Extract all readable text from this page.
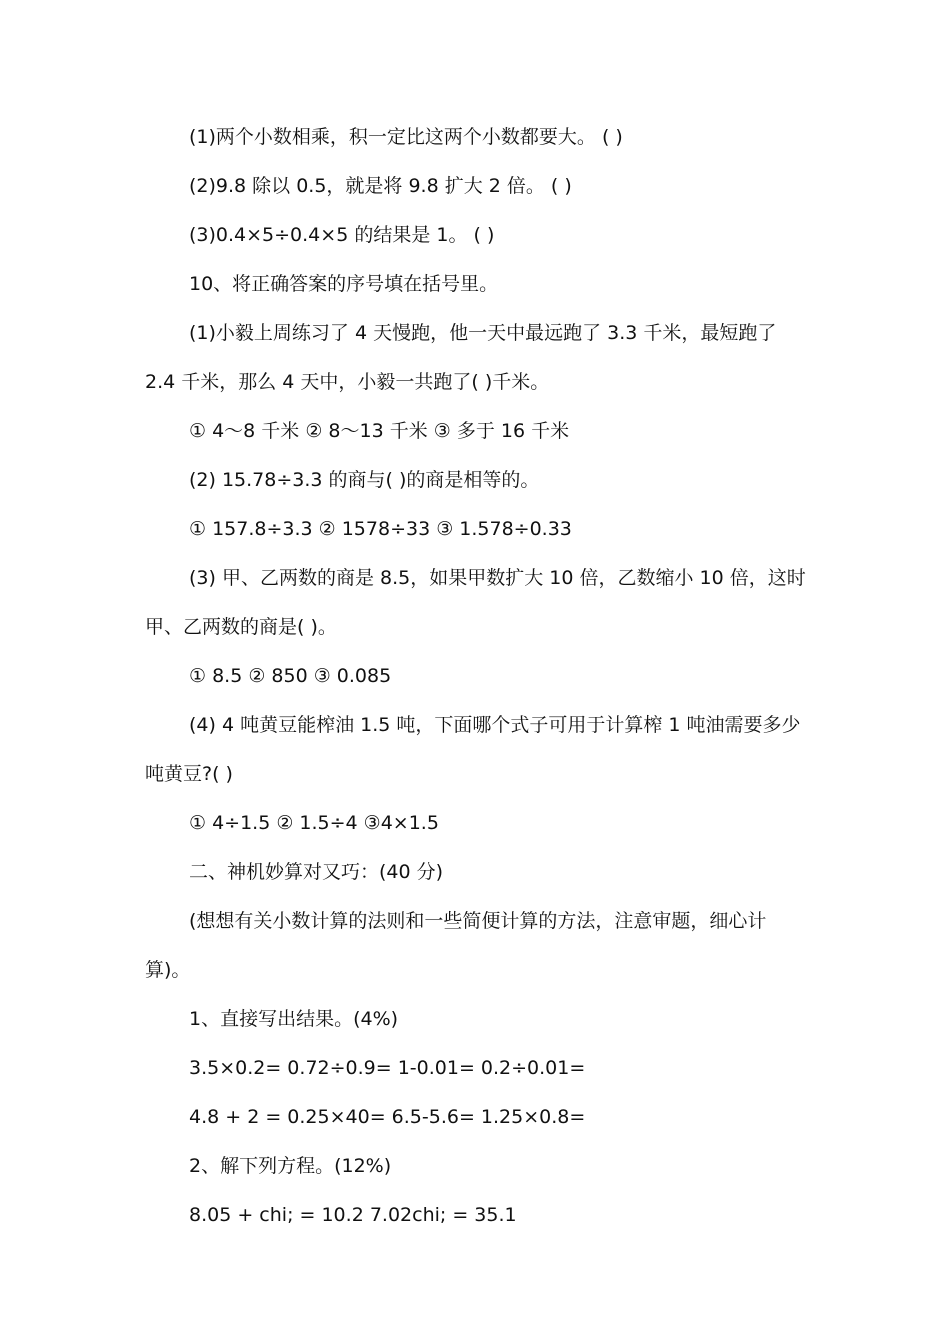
(1)两个小数相乘，积一定比这两个小数都要大。 ( )

(2)9.8 除以 0.5，就是将 9.8 扩大 2 倍。 ( )

(3)0.4×5÷0.4×5 的结果是 1。 ( )

10、将正确答案的序号填在括号里。

(1)小毅上周练习了 4 天慢跑，他一天中最远跑了 3.3 千米，最短跑了 2.4 千米，那么 4 天中，小毅一共跑了( )千米。

① 4～8 千米 ② 8～13 千米 ③ 多于 16 千米

(2) 15.78÷3.3 的商与( )的商是相等的。

① 157.8÷3.3 ② 1578÷33 ③ 1.578÷0.33

(3) 甲、乙两数的商是 8.5，如果甲数扩大 10 倍，乙数缩小 10 倍，这时甲、乙两数的商是( )。

① 8.5 ② 850 ③ 0.085

(4) 4 吨黄豆能榨油 1.5 吨，下面哪个式子可用于计算榨 1 吨油需要多少吨黄豆?( )

① 4÷1.5 ② 1.5÷4 ③4×1.5

二、神机妙算对又巧：(40 分)

(想想有关小数计算的法则和一些简便计算的方法，注意审题，细心计算)。

1、直接写出结果。(4%)

3.5×0.2= 0.72÷0.9= 1-0.01= 0.2÷0.01=

4.8 + 2 = 0.25×40= 6.5-5.6= 1.25×0.8=

2、解下列方程。(12%)

8.05 + chi; = 10.2 7.02chi; = 35.1
